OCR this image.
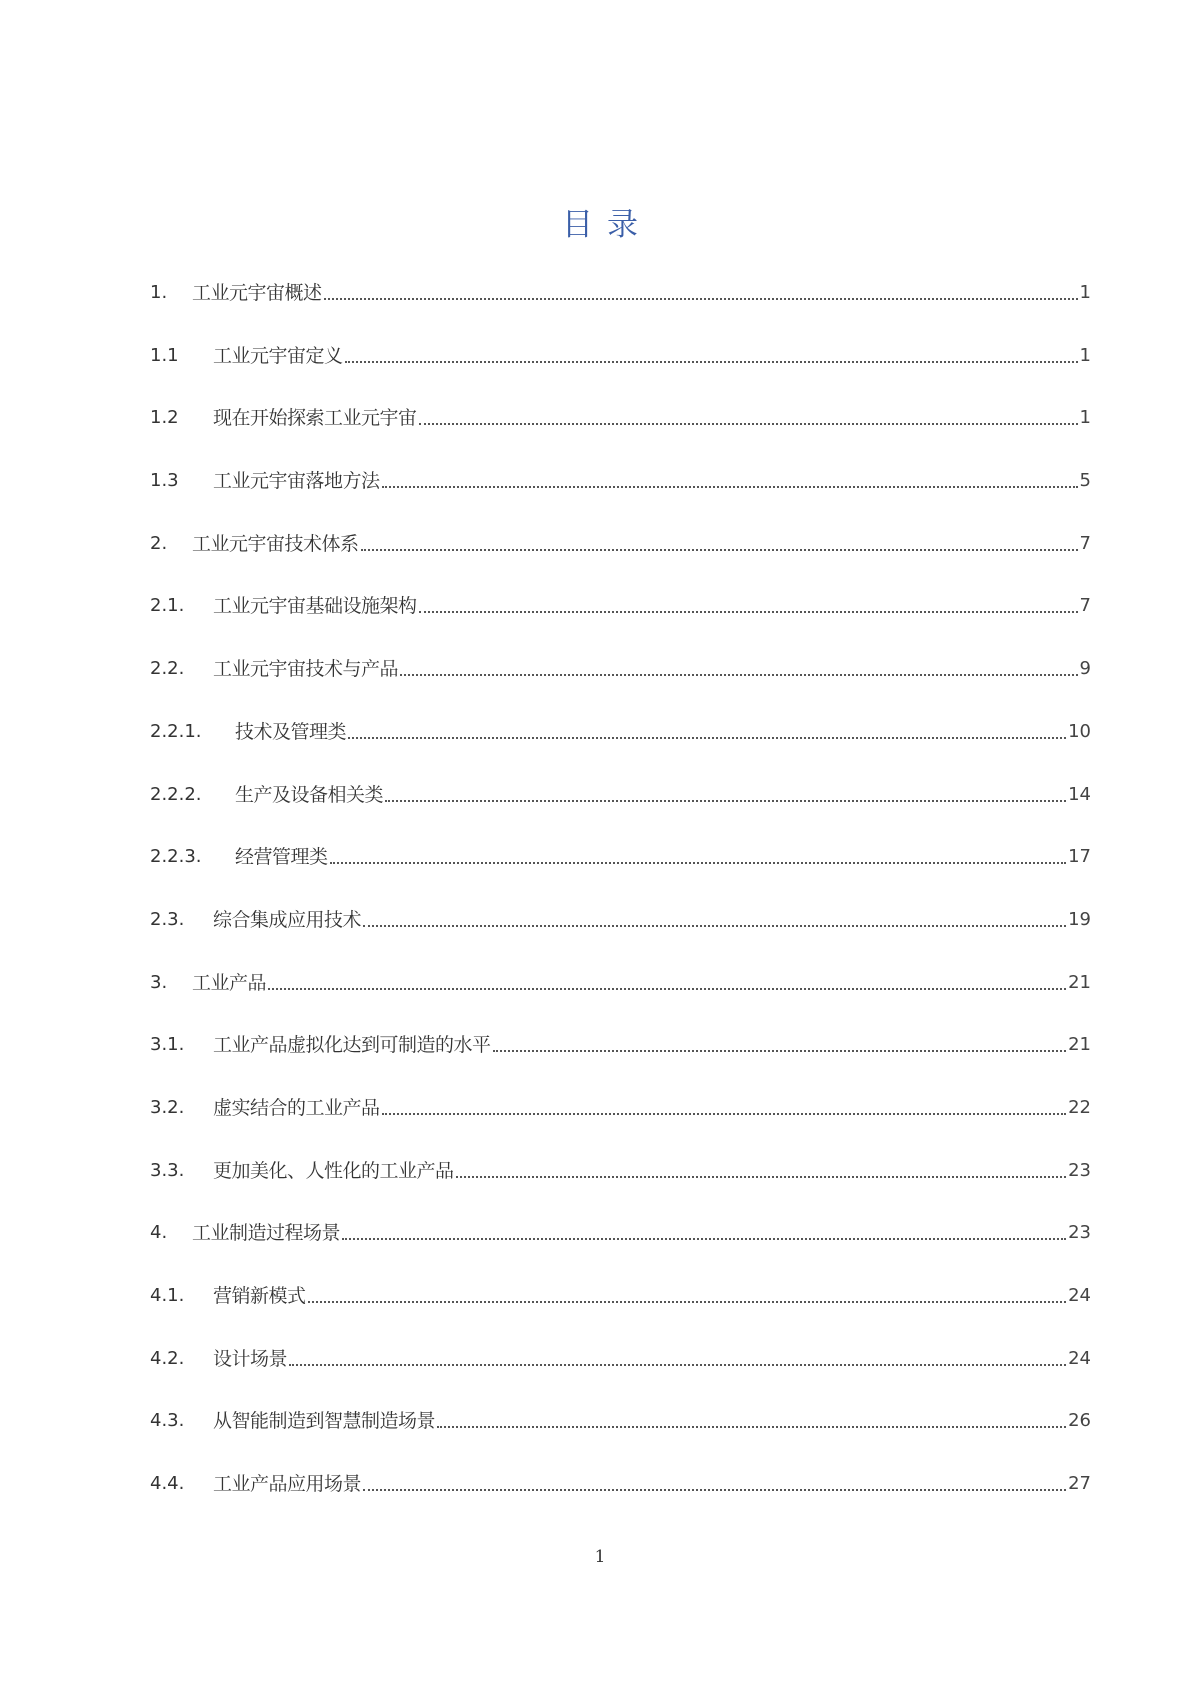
目录
1.	工业元宇宙概述	1
1.1	工业元宇宙定义	1
1.2	现在开始探索工业元宇宙	1
1.3	工业元宇宙落地方法	5
2.	工业元宇宙技术体系	7
2.1.	工业元宇宙基础设施架构	7
2.2.	工业元宇宙技术与产品	9
2.2.1.	技术及管理类	10
2.2.2.	生产及设备相关类	14
2.2.3.	经营管理类	17
2.3.	综合集成应用技术	19
3.	工业产品	21
3.1.	工业产品虚拟化达到可制造的水平	21
3.2.	虚实结合的工业产品	22
3.3.	更加美化、人性化的工业产品	23
4.	工业制造过程场景	23
4.1.	营销新模式	24
4.2.	设计场景	24
4.3.	从智能制造到智慧制造场景	26
4.4.	工业产品应用场景	27
1
